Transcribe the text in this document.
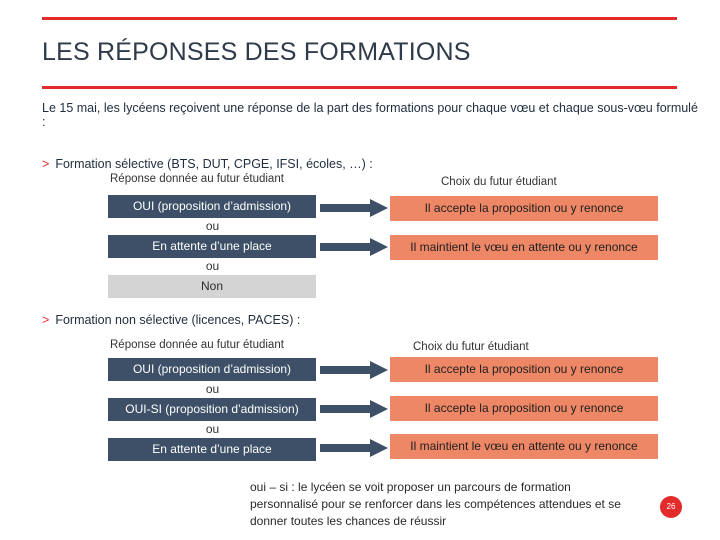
LES RÉPONSES DES FORMATIONS
Le 15 mai, les lycéens reçoivent une réponse de la part des formations pour chaque vœu et chaque sous-vœu formulé :
> Formation sélective (BTS, DUT, CPGE, IFSI, écoles, …) :
Réponse donnée au futur étudiant	Choix du futur étudiant
OUI (proposition d’admission)
ou
En attente d’une place
ou
Non
Il accepte la proposition ou y renonce
Il maintient le vœu en attente ou y renonce
> Formation non sélective (licences, PACES) :
Réponse donnée au futur étudiant	Choix du futur étudiant
OUI (proposition d’admission)
ou
OUI-SI (proposition d’admission)
ou
En attente d’une place
Il accepte la proposition ou y renonce
Il accepte la proposition ou y renonce
Il maintient le vœu en attente ou y renonce
oui – si : le lycéen se voit proposer un parcours de formation personnalisé pour se renforcer dans les compétences attendues et se donner toutes les chances de réussir
26
